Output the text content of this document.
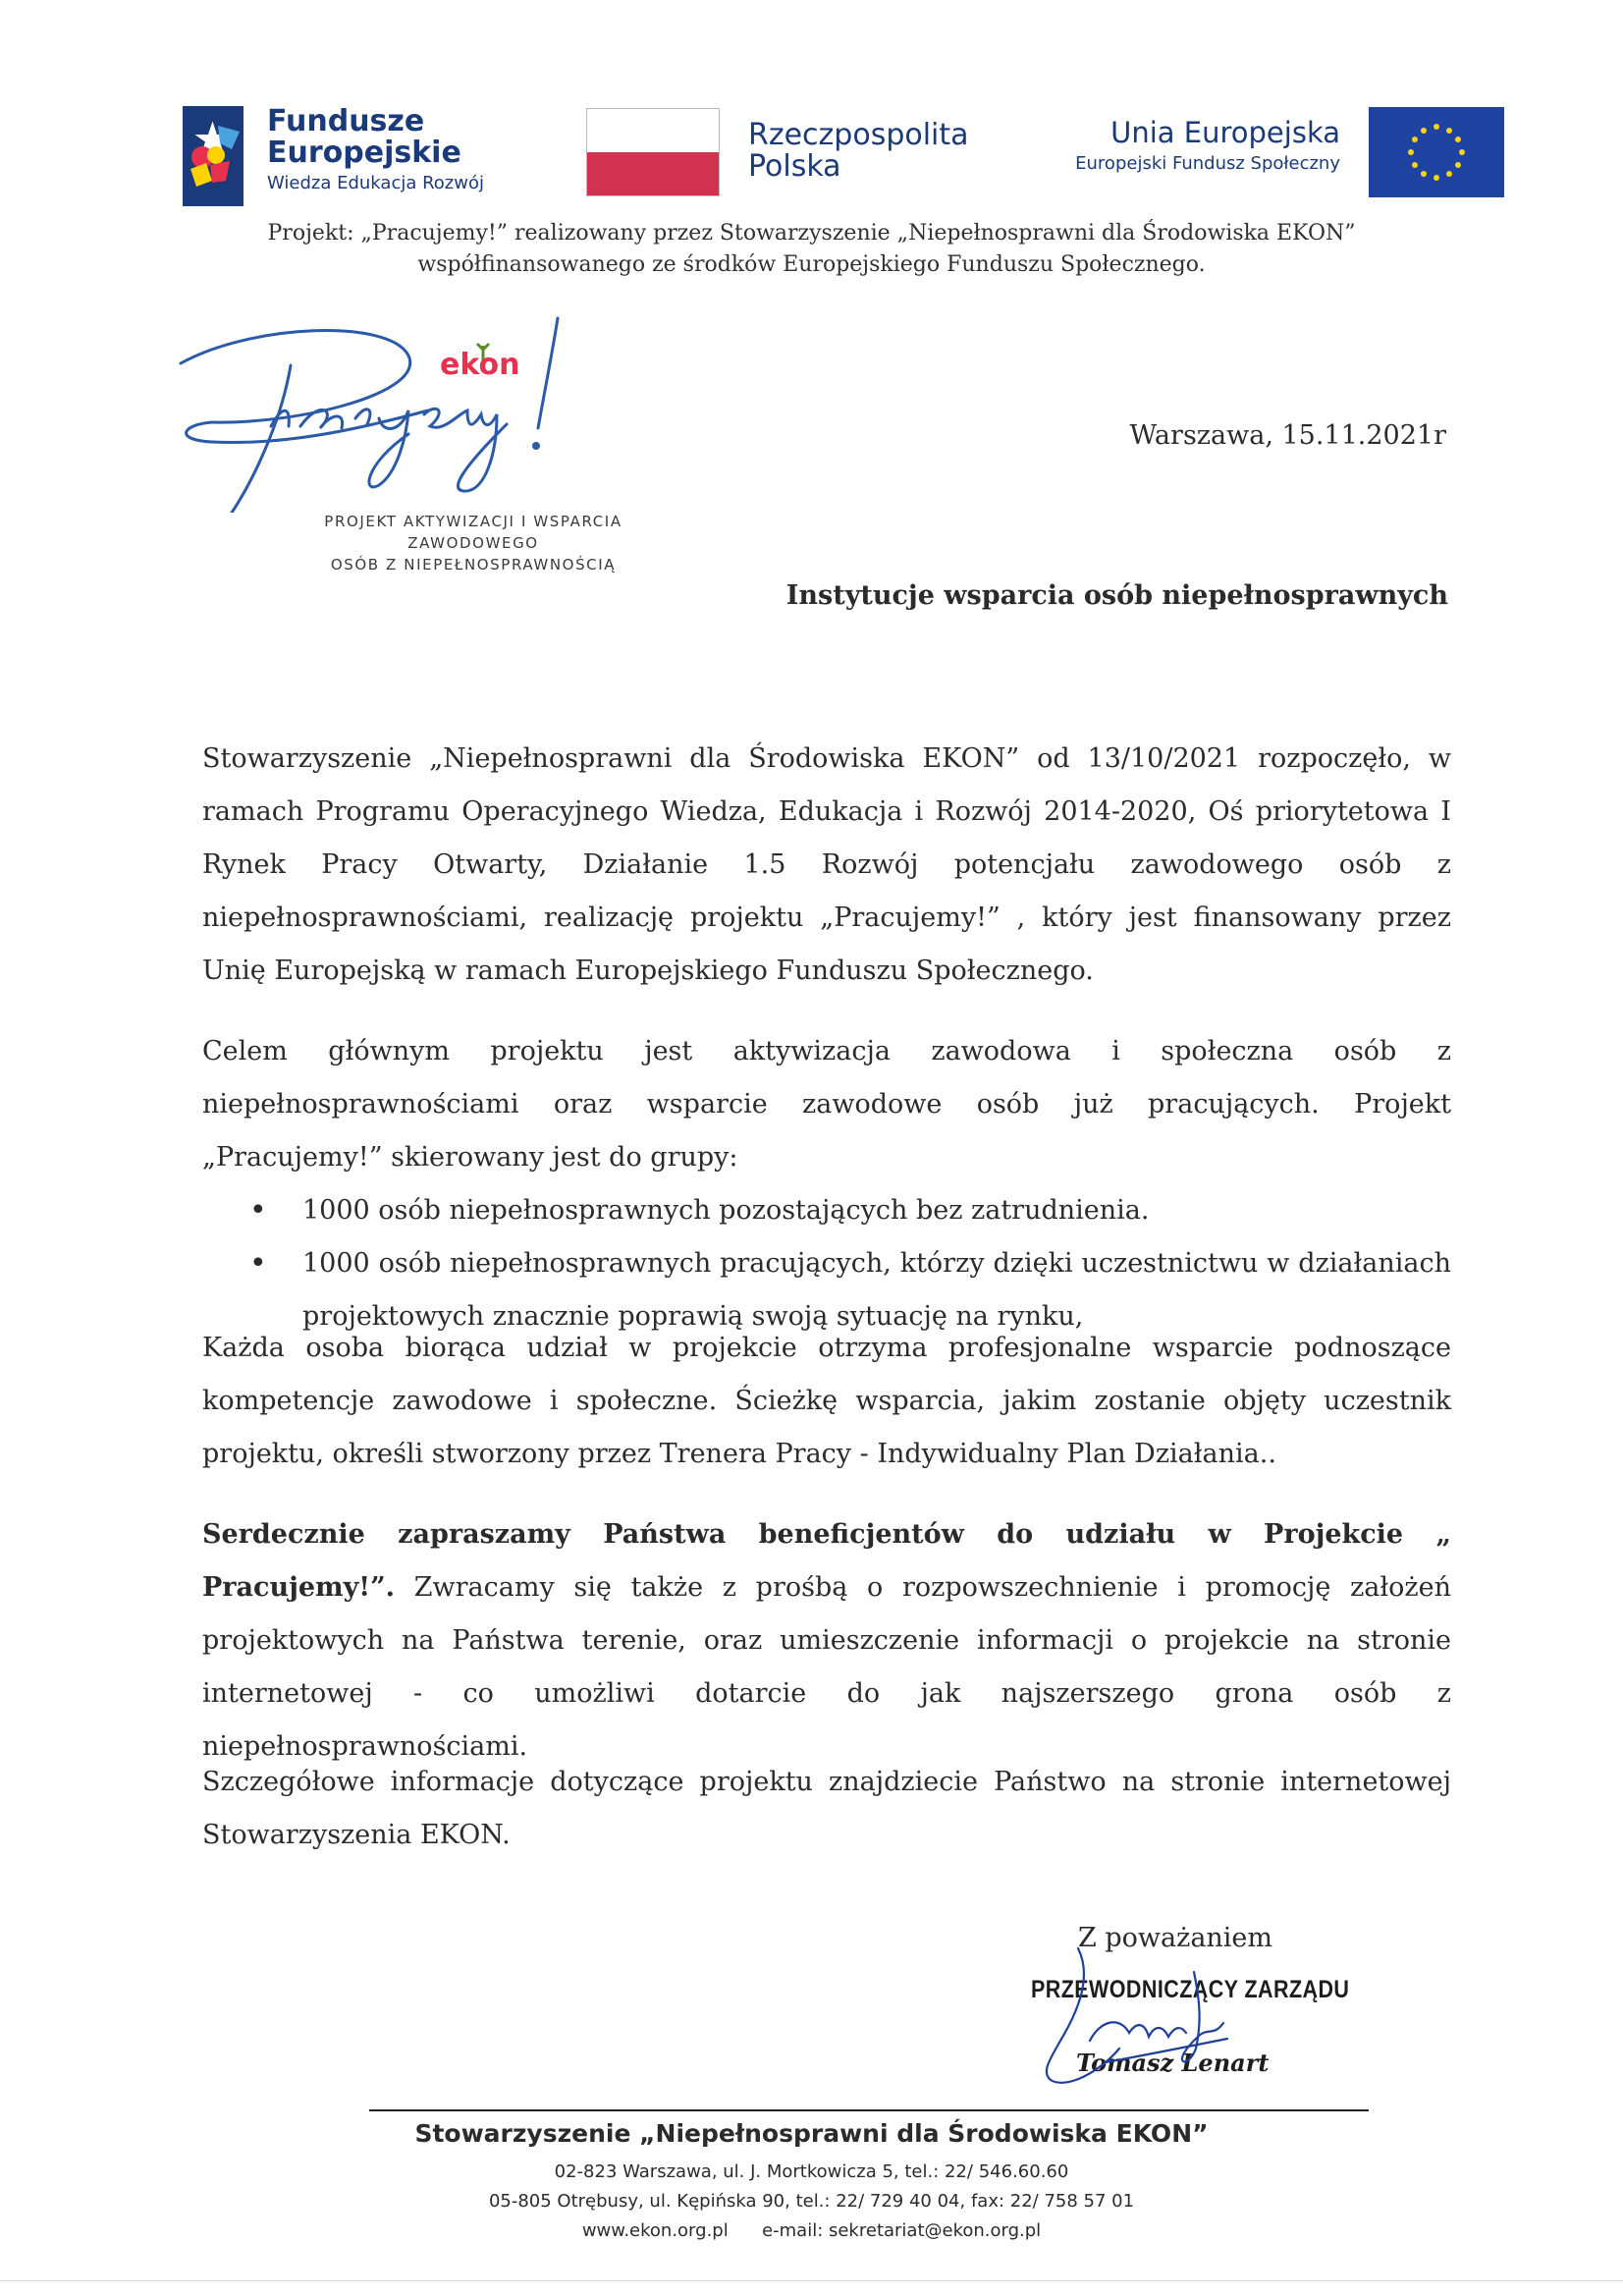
Fundusze
Europejskie
Wiedza Edukacja Rozwój
Rzeczpospolita
Polska
Unia Europejska
Europejski Fundusz Społeczny
Projekt: „Pracujemy!” realizowany przez Stowarzyszenie „Niepełnosprawni dla Środowiska EKON”
współfinansowanego ze środków Europejskiego Funduszu Społecznego.
ekon
PROJEKT AKTYWIZACJI I WSPARCIA ZAWODOWEGO
OSÓB Z NIEPEŁNOSPRAWNOŚCIĄ
Warszawa, 15.11.2021r
Instytucje wsparcia osób niepełnosprawnych

Stowarzyszenie „Niepełnosprawni dla Środowiska EKON” od 13/10/2021 rozpoczęło, w ramach Programu Operacyjnego Wiedza, Edukacja i Rozwój 2014-2020, Oś priorytetowa I Rynek Pracy Otwarty, Działanie 1.5 Rozwój potencjału zawodowego osób z niepełnosprawnościami, realizację projektu „Pracujemy!” , który jest finansowany przez Unię Europejską w ramach Europejskiego Funduszu Społecznego.

Celem głównym projektu jest aktywizacja zawodowa i społeczna osób z niepełnosprawnościami oraz wsparcie zawodowe osób już pracujących. Projekt „Pracujemy!” skierowany jest do grupy:

• 1000 osób niepełnosprawnych pozostających bez zatrudnienia.
• 1000 osób niepełnosprawnych pracujących, którzy dzięki uczestnictwu w działaniach projektowych znacznie poprawią swoją sytuację na rynku,

Każda osoba biorąca udział w projekcie otrzyma profesjonalne wsparcie podnoszące kompetencje zawodowe i społeczne. Ścieżkę wsparcia, jakim zostanie objęty uczestnik projektu, określi stworzony przez Trenera Pracy - Indywidualny Plan Działania..

Serdecznie zapraszamy Państwa beneficjentów do udziału w Projekcie „ Pracujemy!”. Zwracamy się także z prośbą o rozpowszechnienie i promocję założeń projektowych na Państwa terenie, oraz umieszczenie informacji o projekcie na stronie internetowej - co umożliwi dotarcie do jak najszerszego grona osób z niepełnosprawnościami.

Szczegółowe informacje dotyczące projektu znajdziecie Państwo na stronie internetowej Stowarzyszenia EKON.

Z poważaniem
PRZEWODNICZĄCY ZARZĄDU
Tomasz Lenart
Stowarzyszenie „Niepełnosprawni dla Środowiska EKON”
02-823 Warszawa, ul. J. Mortkowicza 5, tel.: 22/ 546.60.60
05-805 Otrębusy, ul. Kępińska 90, tel.: 22/ 729 40 04, fax: 22/ 758 57 01
www.ekon.org.pl e-mail: sekretariat@ekon.org.pl
